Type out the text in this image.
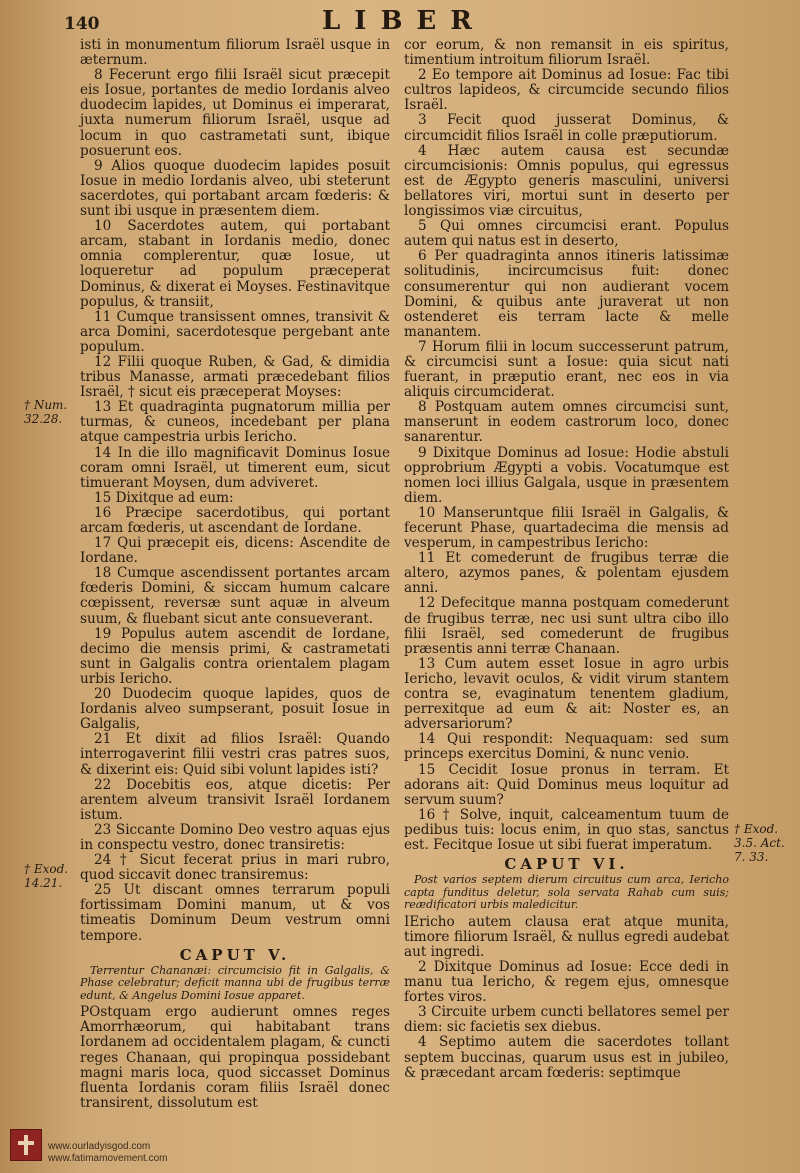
140	LIBER

isti in monumentum filiorum Israël usque in æternum.

8 Fecerunt ergo filii Israël sicut præcepit eis Iosue, portantes de medio Iordanis alveo duodecim lapides, ut Dominus ei imperarat, juxta numerum filiorum Israël, usque ad locum in quo castrametati sunt, ibique posuerunt eos.

9 Alios quoque duodecim lapides posuit Iosue in medio Iordanis alveo, ubi steterunt sacerdotes, qui portabant arcam fœderis: & sunt ibi usque in præsentem diem.

10 Sacerdotes autem, qui portabant arcam, stabant in Iordanis medio, donec omnia complerentur, quæ Iosue, ut loqueretur ad populum præceperat Dominus, & dixerat ei Moyses. Festinavitque populus, & transiit,

11 Cumque transissent omnes, transivit & arca Domini, sacerdotesque pergebant ante populum.

12 Filii quoque Ruben, & Gad, & dimidia tribus Manasse, armati præcedebant filios Israël, † sicut eis præceperat Moyses:

13 Et quadraginta pugnatorum millia per turmas, & cuneos, incedebant per plana atque campestria urbis Iericho.

14 In die illo magnificavit Dominus Iosue coram omni Israël, ut timerent eum, sicut timuerant Moysen, dum adviveret.

15 Dixitque ad eum:

16 Præcipe sacerdotibus, qui portant arcam fœderis, ut ascendant de Iordane.

17 Qui præcepit eis, dicens: Ascendite de Iordane.

18 Cumque ascendissent portantes arcam fœderis Domini, & siccam humum calcare cœpissent, reversæ sunt aquæ in alveum suum, & fluebant sicut ante consueverant.

19 Populus autem ascendit de Iordane, decimo die mensis primi, & castrametati sunt in Galgalis contra orientalem plagam urbis Iericho.

20 Duodecim quoque lapides, quos de Iordanis alveo sumpserant, posuit Iosue in Galgalis,

21 Et dixit ad filios Israël: Quando interrogaverint filii vestri cras patres suos, & dixerint eis: Quid sibi volunt lapides isti?

22 Docebitis eos, atque dicetis: Per arentem alveum transivit Israël Iordanem istum.

23 Siccante Domino Deo vestro aquas ejus in conspectu vestro, donec transiretis:

24 † Sicut fecerat prius in mari rubro, quod siccavit donec transiremus:

25 Ut discant omnes terrarum populi fortissimam Domini manum, ut & vos timeatis Dominum Deum vestrum omni tempore.

CAPUT V.
Terrentur Chananæi: circumcisio fit in Galgalis, & Phase celebratur; deficit manna ubi de frugibus terræ edunt, & Angelus Domini Iosue apparet.

POstquam ergo audierunt omnes reges Amorrhæorum, qui habitabant trans Iordanem ad occidentalem plagam, & cuncti reges Chanaan, qui propinqua possidebant magni maris loca, quod siccasset Dominus fluenta Iordanis coram filiis Israël donec transirent, dissolutum est

cor eorum, & non remansit in eis spiritus, timentium introitum filiorum Israël.

2 Eo tempore ait Dominus ad Iosue: Fac tibi cultros lapideos, & circumcide secundo filios Israël.

3 Fecit quod jusserat Dominus, & circumcidit filios Israël in colle præputiorum.

4 Hæc autem causa est secundæ circumcisionis: Omnis populus, qui egressus est de Ægypto generis masculini, universi bellatores viri, mortui sunt in deserto per longissimos viæ circuitus,

5 Qui omnes circumcisi erant. Populus autem qui natus est in deserto,

6 Per quadraginta annos itineris latissimæ solitudinis, incircumcisus fuit: donec consumerentur qui non audierant vocem Domini, & quibus ante juraverat ut non ostenderet eis terram lacte & melle manantem.

7 Horum filii in locum successerunt patrum, & circumcisi sunt a Iosue: quia sicut nati fuerant, in præputio erant, nec eos in via aliquis circumciderat.

8 Postquam autem omnes circumcisi sunt, manserunt in eodem castrorum loco, donec sanarentur.

9 Dixitque Dominus ad Iosue: Hodie abstuli opprobrium Ægypti a vobis. Vocatumque est nomen loci illius Galgala, usque in præsentem diem.

10 Manseruntque filii Israël in Galgalis, & fecerunt Phase, quartadecima die mensis ad vesperum, in campestribus Iericho:

11 Et comederunt de frugibus terræ die altero, azymos panes, & polentam ejusdem anni.

12 Defecitque manna postquam comederunt de frugibus terræ, nec usi sunt ultra cibo illo filii Israël, sed comederunt de frugibus præsentis anni terræ Chanaan.

13 Cum autem esset Iosue in agro urbis Iericho, levavit oculos, & vidit virum stantem contra se, evaginatum tenentem gladium, perrexitque ad eum & ait: Noster es, an adversariorum?

14 Qui respondit: Nequaquam: sed sum princeps exercitus Domini, & nunc venio.

15 Cecidit Iosue pronus in terram. Et adorans ait: Quid Dominus meus loquitur ad servum suum?

16 † Solve, inquit, calceamentum tuum de pedibus tuis: locus enim, in quo stas, sanctus est. Fecitque Iosue ut sibi fuerat imperatum.

CAPUT VI.
Post varios septem dierum circuitus cum arca, Iericho capta funditus deletur, sola servata Rahab cum suis; reædificatori urbis maledicitur.

IEricho autem clausa erat atque munita, timore filiorum Israël, & nullus egredi audebat aut ingredi.

2 Dixitque Dominus ad Iosue: Ecce dedi in manu tua Iericho, & regem ejus, omnesque fortes viros.

3 Circuite urbem cuncti bellatores semel per diem: sic facietis sex diebus.

4 Septimo autem die sacerdotes tollant septem buccinas, quarum usus est in jubileo, & præcedant arcam fœderis: septimque

† Num. 32.28.
† Exod. 14.21.
† Exod. 3.5. Act. 7. 33.
www.ourladyisgod.com
www.fatimamovement.com
